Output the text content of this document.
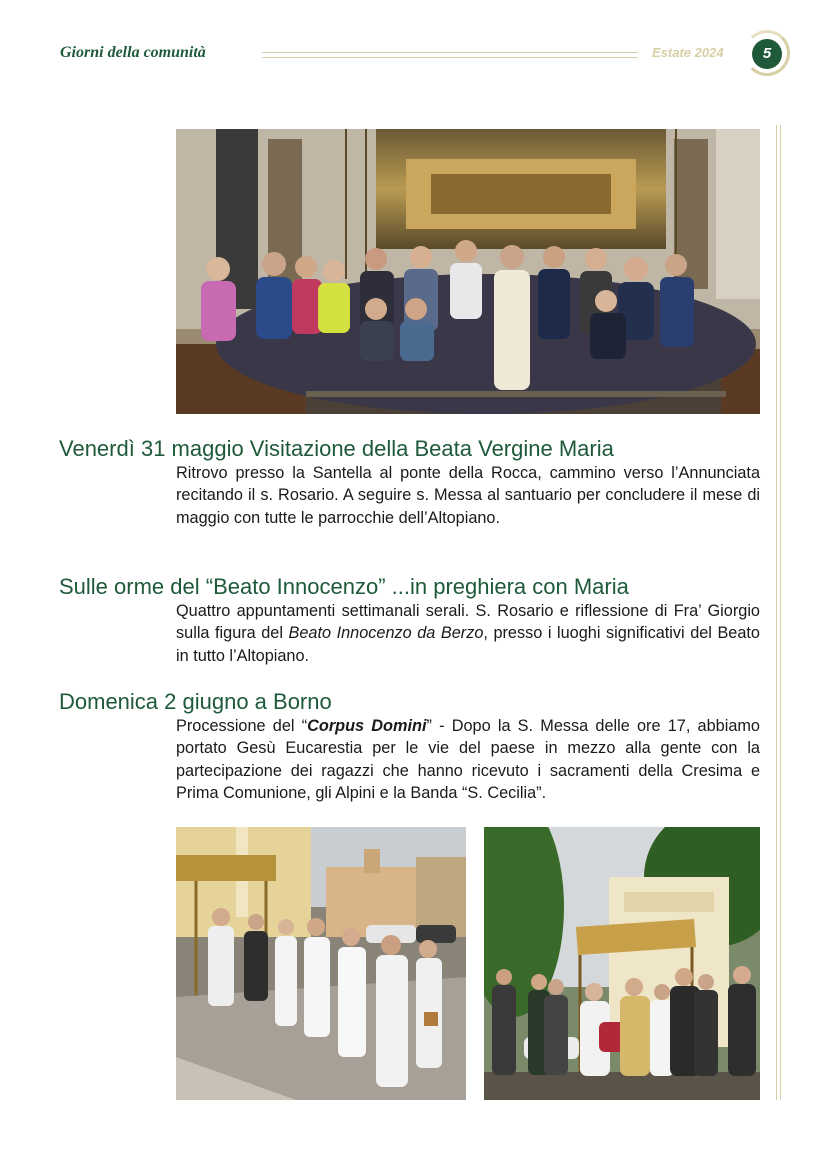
Giorni della comunità	Estate 2024	5
Venerdì 31 maggio Visitazione della Beata Vergine Maria

Ritrovo presso la Santella al ponte della Rocca, cammino verso l’Annunciata recitando il s. Rosario. A seguire s. Messa al santuario per concludere il mese di maggio con tutte le parrocchie dell’Altopiano.

Sulle orme del “Beato Innocenzo” ...in preghiera con Maria

Quattro appuntamenti settimanali serali. S. Rosario e riflessione di Fra’ Giorgio sulla figura del Beato Innocenzo da Berzo, presso i luoghi significativi del Beato in tutto l’Altopiano.

Domenica 2 giugno a Borno

Processione del “Corpus Domini” - Dopo la S. Messa delle ore 17, abbiamo portato Gesù Eucarestia per le vie del paese in mezzo alla gente con la partecipazione dei ragazzi che hanno ricevuto i sacramenti della Cresima e Prima Comunione, gli Alpini e la Banda “S. Cecilia”.
